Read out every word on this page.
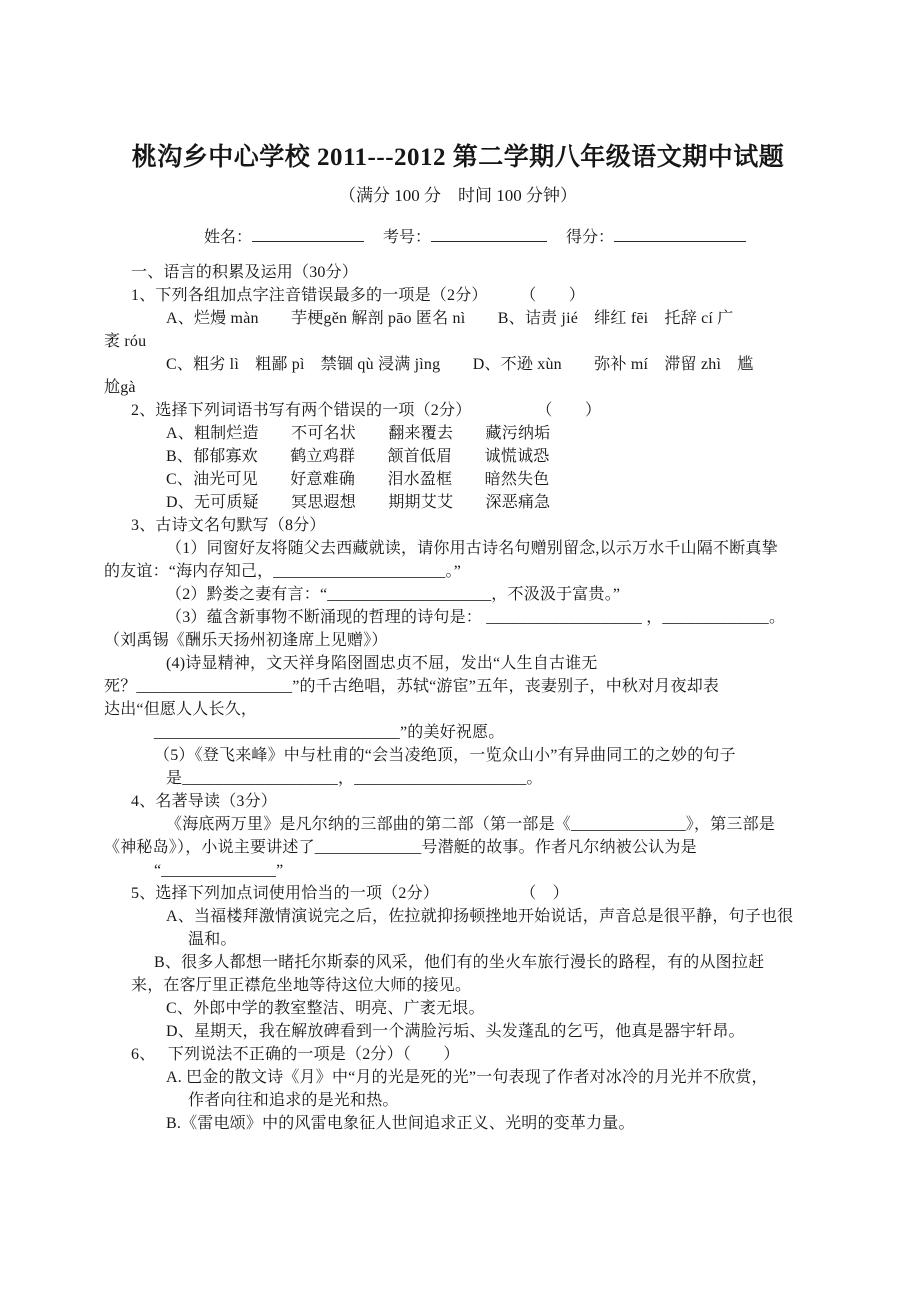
桃沟乡中心学校 2011---2012 第二学期八年级语文期中试题
（满分 100 分　时间 100 分钟）
姓名：	考号：	得分：

一、语言的积累及运用（30分）

1、下列各组加点字注音错误最多的一项是（2分）　　　（　　）

A、烂熳 màn　　芋梗gěn 解剖 pāo 匿名 nì　　B、诘责 jié　绯红 fēi　托辞 cí 广

袤 róu

C、粗劣 lì　粗鄙 pì　禁锢 qù 浸满 jìng　　D、不逊 xùn　　弥补 mí　滞留 zhì　尴

尬gà

2、选择下列词语书写有两个错误的一项（2分）　　　　　（　　）

A、粗制烂造　　不可名状　　翻来覆去　　藏污纳垢

B、郁郁寡欢　　鹤立鸡群　　颔首低眉　　诚慌诚恐

C、油光可见　　好意难确　　泪水盈框　　暗然失色

D、无可质疑　　冥思遐想　　期期艾艾　　深恶痛急

3、古诗文名句默写（8分）

（1）同窗好友将随父去西藏就读，请你用古诗名句赠别留念,以示万水千山隔不断真挚

的友谊：“海内存知己，_____________________。”

（2）黔娄之妻有言：“____________________，不汲汲于富贵。”

（3）蕴含新事物不断涌现的哲理的诗句是： ___________________ ，_____________。

（刘禹锡《酬乐天扬州初逢席上见赠》）

(4)诗显精神，文天祥身陷囹圄忠贞不屈，发出“人生自古谁无

死？___________________”的千古绝唱，苏轼“游宦”五年，丧妻别子，中秋对月夜却表

达出“但愿人人长久，

______________________________”的美好祝愿。

（5）《登飞来峰》中与杜甫的“会当凌绝顶，一览众山小”有异曲同工的之妙的句子

是___________________，_____________________。

4、名著导读（3分）

《海底两万里》是凡尔纳的三部曲的第二部（第一部是《______________》，第三部是

《神秘岛》），小说主要讲述了_____________号潜艇的故事。作者凡尔纳被公认为是

“______________”

5、选择下列加点词使用恰当的一项（2分）　　　　　　（　）

A、当福楼拜激情演说完之后，佐拉就抑扬顿挫地开始说话，声音总是很平静，句子也很

温和。

B、很多人都想一睹托尔斯泰的风采，他们有的坐火车旅行漫长的路程，有的从图拉赶

来，在客厅里正襟危坐地等待这位大师的接见。

C、外郎中学的教室整洁、明亮、广袤无垠。

D、星期天，我在解放碑看到一个满脸污垢、头发蓬乱的乞丐，他真是器宇轩昂。

6、　 下列说法不正确的一项是（2分）（　　）

A. 巴金的散文诗《月》中“月的光是死的光”一句表现了作者对冰冷的月光并不欣赏，

作者向往和追求的是光和热。

B.《雷电颂》中的风雷电象征人世间追求正义、光明的变革力量。
